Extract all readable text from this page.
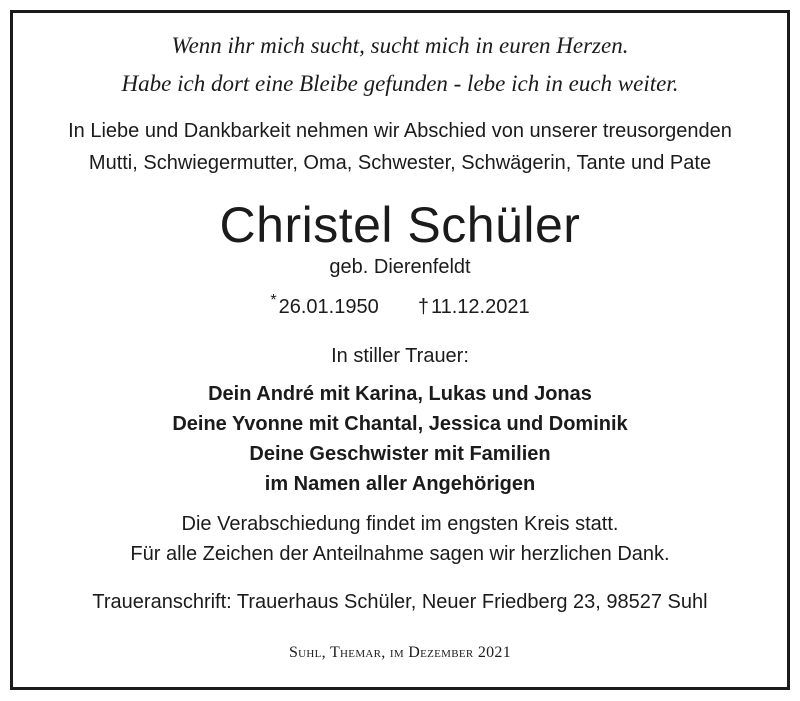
Wenn ihr mich sucht, sucht mich in euren Herzen.
Habe ich dort eine Bleibe gefunden - lebe ich in euch weiter.
In Liebe und Dankbarkeit nehmen wir Abschied von unserer treusorgenden
Mutti, Schwiegermutter, Oma, Schwester, Schwägerin, Tante und Pate
Christel Schüler
geb. Dierenfeldt
* 26.01.1950 † 11.12.2021
In stiller Trauer:
Dein André mit Karina, Lukas und Jonas
Deine Yvonne mit Chantal, Jessica und Dominik
Deine Geschwister mit Familien
im Namen aller Angehörigen
Die Verabschiedung findet im engsten Kreis statt.
Für alle Zeichen der Anteilnahme sagen wir herzlichen Dank.
Traueranschrift: Trauerhaus Schüler, Neuer Friedberg 23, 98527 Suhl
Suhl, Themar, im Dezember 2021
